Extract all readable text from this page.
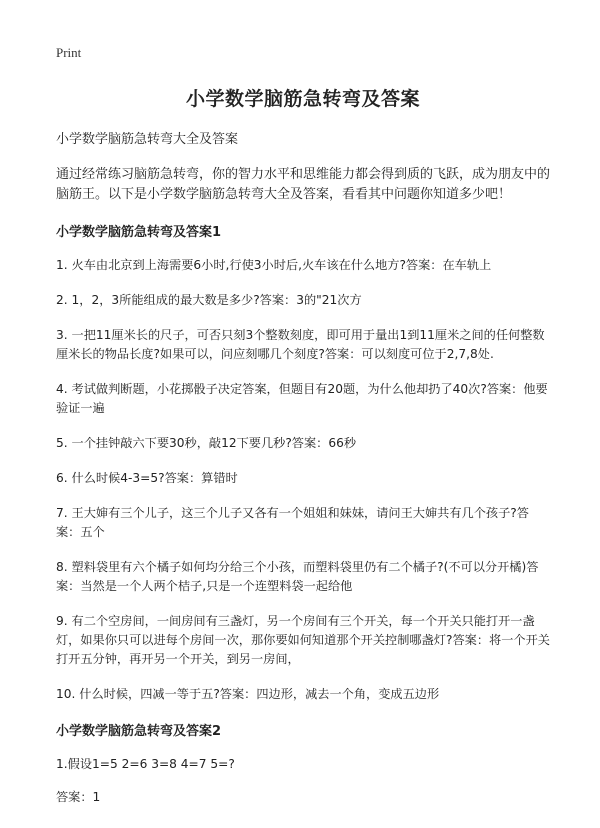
Print
小学数学脑筋急转弯及答案

小学数学脑筋急转弯大全及答案

通过经常练习脑筋急转弯，你的智力水平和思维能力都会得到质的飞跃，成为朋友中的脑筋王。以下是小学数学脑筋急转弯大全及答案，看看其中问题你知道多少吧！

小学数学脑筋急转弯及答案1

1. 火车由北京到上海需要6小时,行使3小时后,火车该在什么地方?答案：在车轨上

2. 1，2，3所能组成的最大数是多少?答案：3的"21次方

3. 一把11厘米长的尺子，可否只刻3个整数刻度，即可用于量出1到11厘米之间的任何整数厘米长的物品长度?如果可以，问应刻哪几个刻度?答案：可以刻度可位于2,7,8处.

4. 考试做判断题，小花掷骰子决定答案，但题目有20题，为什么他却扔了40次?答案：他要验证一遍

5. 一个挂钟敲六下要30秒，敲12下要几秒?答案：66秒

6. 什么时候4-3=5?答案：算错时

7. 王大婶有三个儿子，这三个儿子又各有一个姐姐和妹妹，请问王大婶共有几个孩子?答案：五个

8. 塑料袋里有六个橘子如何均分给三个小孩，而塑料袋里仍有二个橘子?(不可以分开橘)答案：当然是一个人两个桔子,只是一个连塑料袋一起给他

9. 有二个空房间，一间房间有三盏灯，另一个房间有三个开关，每一个开关只能打开一盏灯，如果你只可以进每个房间一次，那你要如何知道那个开关控制哪盏灯?答案：将一个开关打开五分钟，再开另一个开关，到另一房间，

10. 什么时候，四减一等于五?答案：四边形，减去一个角，变成五边形

小学数学脑筋急转弯及答案2

1.假设1=5 2=6 3=8 4=7 5=?

答案：1
